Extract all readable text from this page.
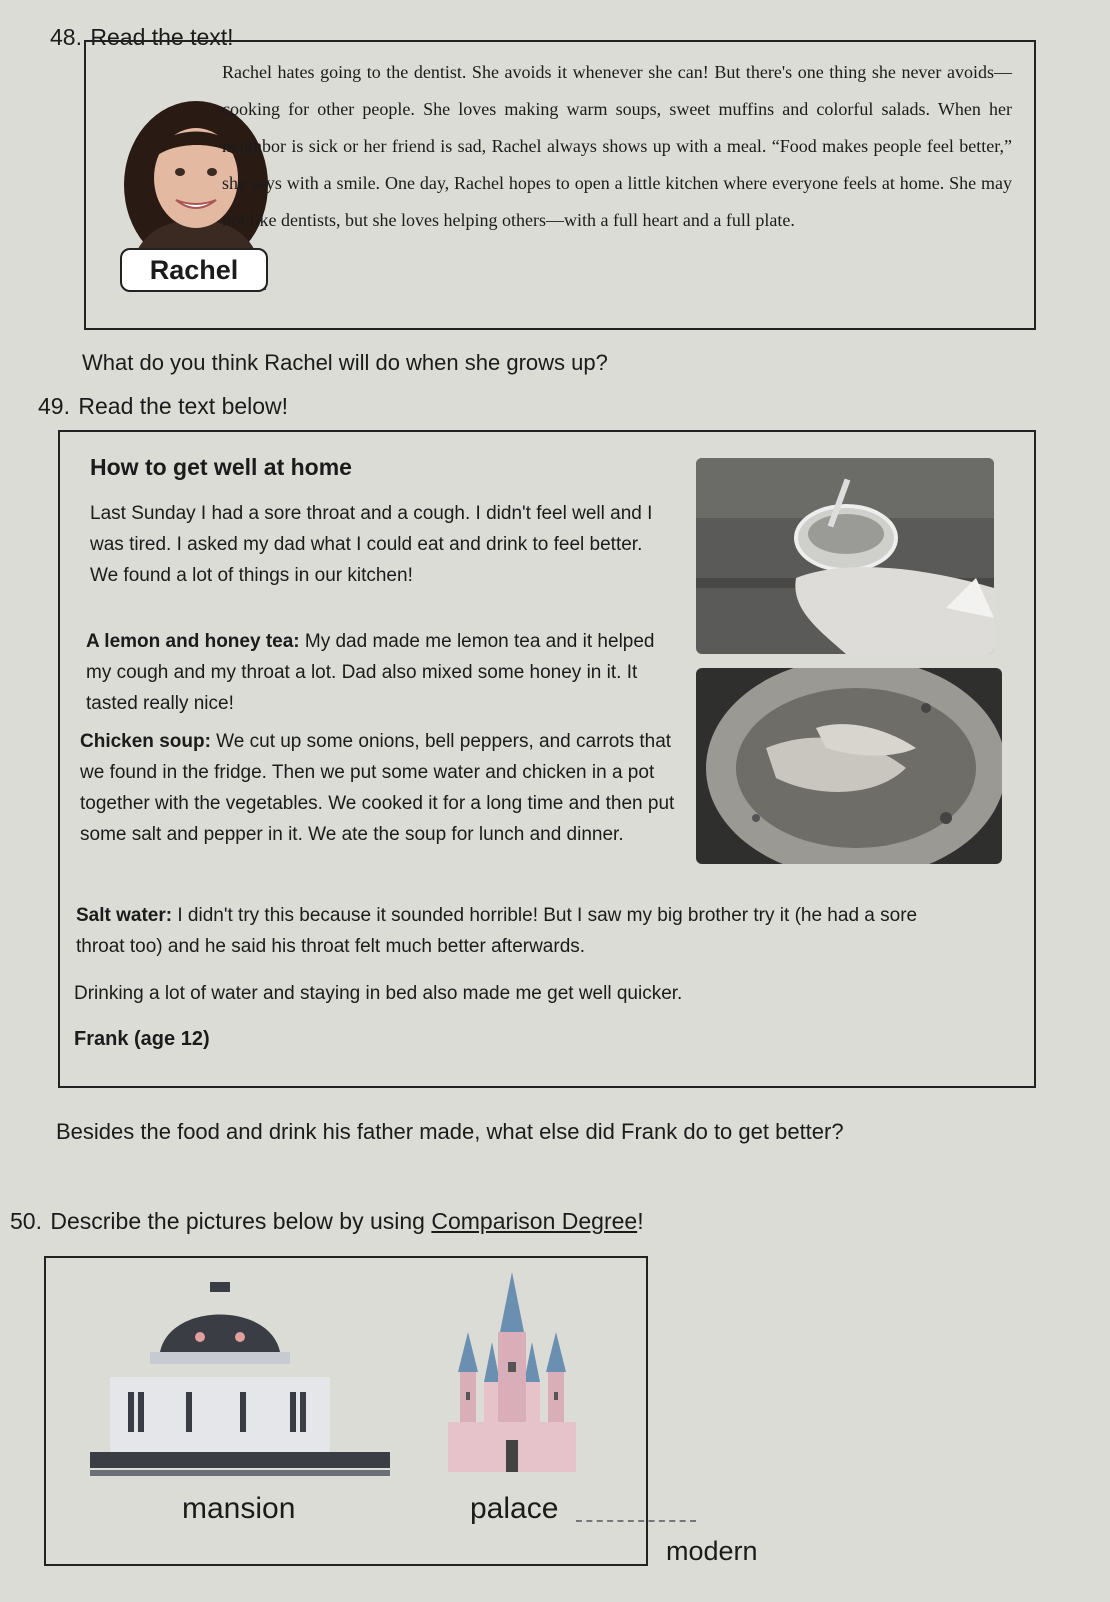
48. Read the text!
Rachel
Rachel hates going to the dentist. She avoids it whenever she can! But there's one thing she never avoids—cooking for other people. She loves making warm soups, sweet muffins and colorful salads. When her neighbor is sick or her friend is sad, Rachel always shows up with a meal. “Food makes people feel better,” she says with a smile. One day, Rachel hopes to open a little kitchen where everyone feels at home. She may not like dentists, but she loves helping others—with a full heart and a full plate.
What do you think Rachel will do when she grows up?
49. Read the text below!
How to get well at home
Last Sunday I had a sore throat and a cough. I didn't feel well and I was tired. I asked my dad what I could eat and drink to feel better. We found a lot of things in our kitchen!
A lemon and honey tea: My dad made me lemon tea and it helped my cough and my throat a lot. Dad also mixed some honey in it. It tasted really nice!
Chicken soup: We cut up some onions, bell peppers, and carrots that we found in the fridge. Then we put some water and chicken in a pot together with the vegetables. We cooked it for a long time and then put some salt and pepper in it. We ate the soup for lunch and dinner.
Salt water: I didn't try this because it sounded horrible! But I saw my big brother try it (he had a sore throat too) and he said his throat felt much better afterwards.
Drinking a lot of water and staying in bed also made me get well quicker.
Frank (age 12)
Besides the food and drink his father made, what else did Frank do to get better?
50. Describe the pictures below by using Comparison Degree!
mansion	palace
modern
